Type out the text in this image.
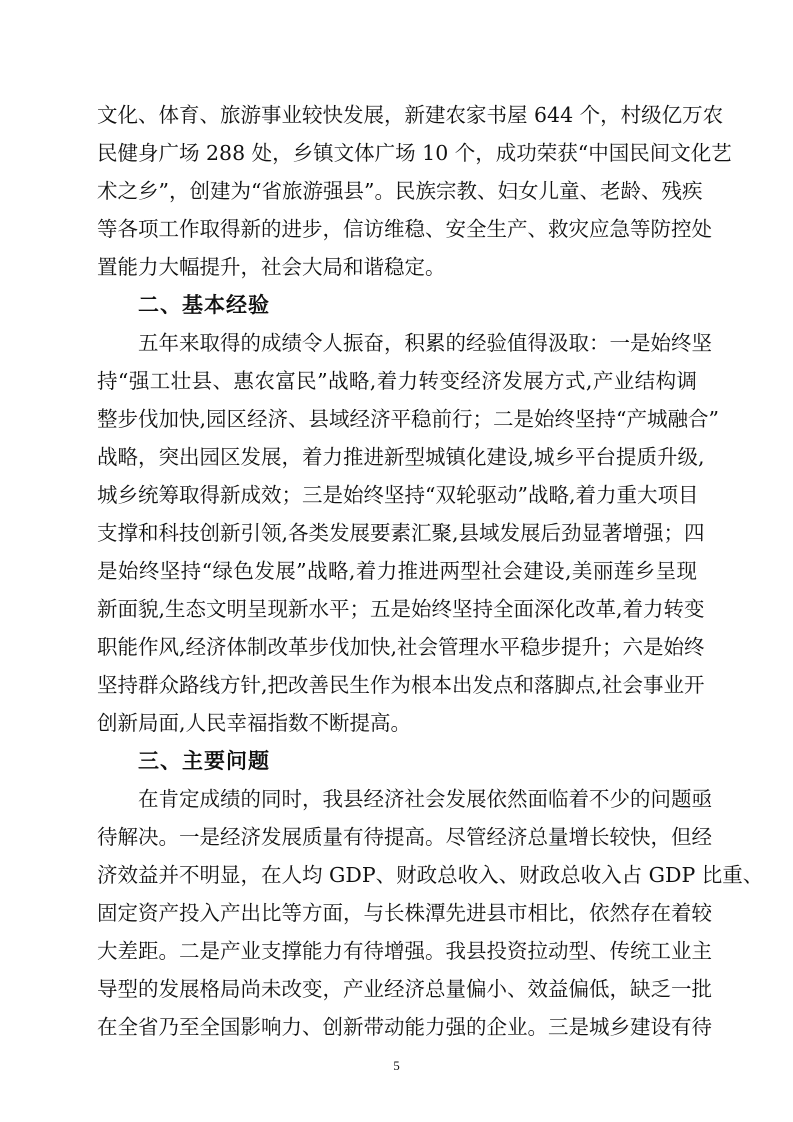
文化、体育、旅游事业较快发展，新建农家书屋 644 个，村级亿万农
民健身广场 288 处，乡镇文体广场 10 个，成功荣获“中国民间文化艺
术之乡”，创建为“省旅游强县”。民族宗教、妇女儿童、老龄、残疾
等各项工作取得新的进步，信访维稳、安全生产、救灾应急等防控处
置能力大幅提升，社会大局和谐稳定。
二、基本经验
五年来取得的成绩令人振奋，积累的经验值得汲取：一是始终坚
持“强工壮县、惠农富民”战略,着力转变经济发展方式,产业结构调
整步伐加快,园区经济、县域经济平稳前行；二是始终坚持“产城融合”
战略，突出园区发展，着力推进新型城镇化建设,城乡平台提质升级,
城乡统筹取得新成效；三是始终坚持“双轮驱动”战略,着力重大项目
支撑和科技创新引领,各类发展要素汇聚,县域发展后劲显著增强；四
是始终坚持“绿色发展”战略,着力推进两型社会建设,美丽莲乡呈现
新面貌,生态文明呈现新水平；五是始终坚持全面深化改革,着力转变
职能作风,经济体制改革步伐加快,社会管理水平稳步提升；六是始终
坚持群众路线方针,把改善民生作为根本出发点和落脚点,社会事业开
创新局面,人民幸福指数不断提高。
三、主要问题
在肯定成绩的同时，我县经济社会发展依然面临着不少的问题亟
待解决。一是经济发展质量有待提高。尽管经济总量增长较快，但经
济效益并不明显，在人均 GDP、财政总收入、财政总收入占 GDP 比重、
固定资产投入产出比等方面，与长株潭先进县市相比，依然存在着较
大差距。二是产业支撑能力有待增强。我县投资拉动型、传统工业主
导型的发展格局尚未改变，产业经济总量偏小、效益偏低，缺乏一批
在全省乃至全国影响力、创新带动能力强的企业。三是城乡建设有待
5
